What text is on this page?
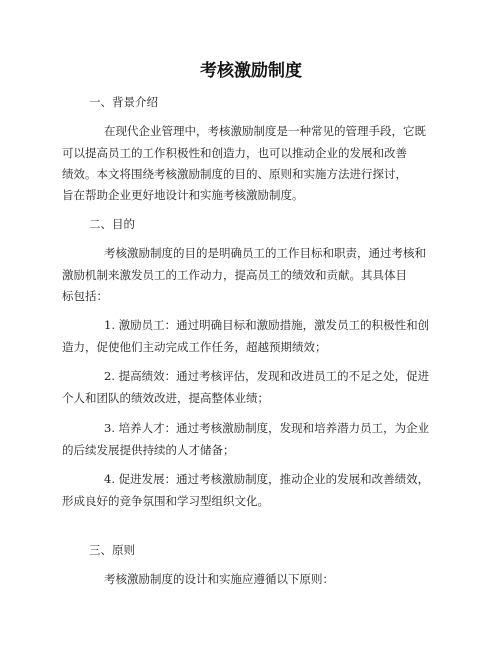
考核激励制度
一、背景介绍
在现代企业管理中，考核激励制度是一种常见的管理手段，它既
可以提高员工的工作积极性和创造力，也可以推动企业的发展和改善
绩效。本文将围绕考核激励制度的目的、原则和实施方法进行探讨，
旨在帮助企业更好地设计和实施考核激励制度。
二、目的
考核激励制度的目的是明确员工的工作目标和职责，通过考核和
激励机制来激发员工的工作动力，提高员工的绩效和贡献。其具体目
标包括：
1. 激励员工：通过明确目标和激励措施，激发员工的积极性和创
造力，促使他们主动完成工作任务，超越预期绩效；
2. 提高绩效：通过考核评估，发现和改进员工的不足之处，促进
个人和团队的绩效改进，提高整体业绩；
3. 培养人才：通过考核激励制度，发现和培养潜力员工，为企业
的后续发展提供持续的人才储备；
4. 促进发展：通过考核激励制度，推动企业的发展和改善绩效，
形成良好的竞争氛围和学习型组织文化。
三、原则
考核激励制度的设计和实施应遵循以下原则：
